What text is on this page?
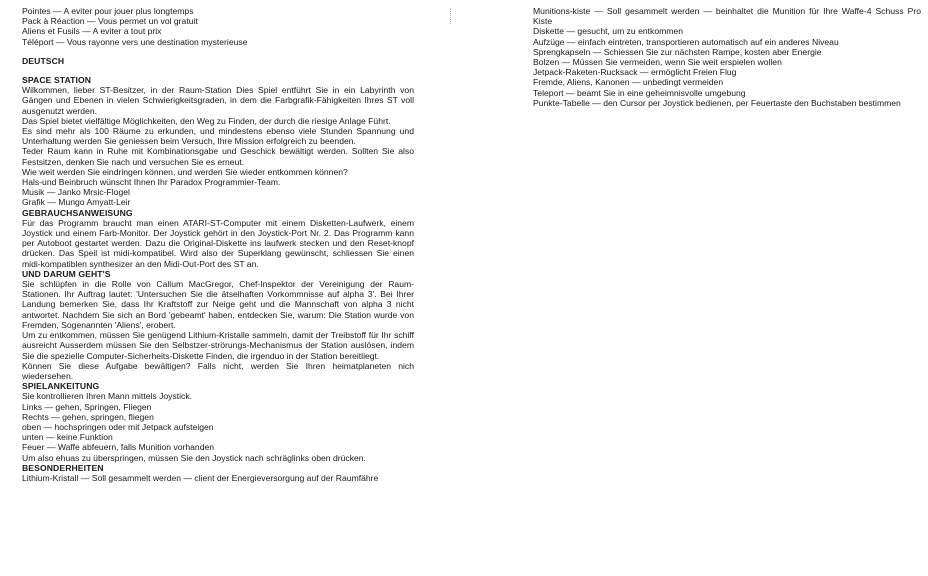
Pointes — A eviter pour jouer plus longtemps

Pack à Réaction — Vous permet un vol gratuit

Aliens et Fusils — A eviter a tout prix

Téléport — Vous rayonne vers une destination mysterieuse

DEUTSCH

SPACE STATION

Wilkommen, lieber ST-Besitzer, in der Raum-Station Dies Spiel entführt Sie in ein Labyrinth von Gängen und Ebenen in vielen Schwierigkeitsgraden, in dem die Farbgrafik-Fähigkeiten Ihres ST voll ausgenutzt werden.

Das Spiel bietet vielfältige Möglichkeiten, den Weg zu Finden, der durch die riesige Anlage Führt.

Es sind mehr als 100 Räume zu erkunden, und mindestens ebenso viele Stunden Spannung und Unterhaltung werden Sie geniessen beim Versuch, Ihre Mission erfolgreich zu beenden.

Teder Raum kann in Ruhe mit Kombinationsgabe und Geschick bewältigt werden. Sollten Sie also Festsitzen, denken Sie nach und versuchen Sie es erneut.

Wie weit werden Sie eindringen können, und werden Sie wieder entkommen können?

Hals-und Beinbruch wünscht Ihnen Ihr Paradox Programmier-Team.

Musik — Janko Mrsic-Flogel

Grafik — Mungo Amyatt-Leir

GEBRAUCHSANWEISUNG

Für das Programm braucht man einen ATARI-ST-Computer mit einem Disketten-Laufwerk, einem Joystick und einem Farb-Monitor. Der Joystick gehört in den Joystick-Port Nr. 2. Das Programm kann per Autoboot gestartet werden. Dazu die Original-Diskette ins laufwerk stecken und den Reset-knopf drücken. Das Speil ist midi-kompatibel. Wird also der Superklang gewünscht, schliessen Sie einen midi-kompatiblen synthesizer an den Midi-Out-Port des ST an.

UND DARUM GEHT'S

Sie schlüpfen in die Rolle von Callum MacGregor, Chef-Inspektor der Vereinigung der Raum-Stationen. Ihr Auftrag lautet: 'Untersuchen Sie die ätselhaften Vorkommnisse auf alpha 3'. Bei Ihrer Landung bemerken Sie, dass Ihr Kraftstoff zur Neige geht und die Mannschaft von alpha 3 nicht antwortet. Nachdem Sie sich an Bord 'gebeamt' haben, entdecken Sie, warum: Die Station wurde von Fremden, Sogenannten 'Aliens', erobert.

Um zu entkommen, müssen Sie genügend Lithium-Kristalle sammeln, damit der Treibstoff für Ihr schiff ausreicht Ausserdem müssen Sie den Selbstzer-strörungs-Mechanismus der Station auslösen, indem Sie die spezielle Computer-Sicherheits-Diskette Finden, die irgenduo in der Station bereitliegt.

Können Sie diese Aufgabe bewältigen? Falls nicht, werden Sie Ihren heimatplaneten nich wiedersehen.

SPIELANKEITUNG

Sie kontrollieren Ihren Mann mittels Joystick.

Links — gehen, Springen, Fliegen

Rechts — gehen, springen, fliegen

oben — hochspringen oder mit Jetpack aufsteigen

unten — keine Funktion

Feuer — Waffe abfeuern, falls Munition vorhanden

Um also ehuas zu überspringen, müssen Sie den Joystick nach schräglinks oben drücken.

BESONDERHEITEN

Lithium-Kristall — Soll gesammelt werden — client der Energieversorgung auf der Raumfähre

Munitions-kiste — Soll gesammelt werden — beinhaltet die Munition für Ihre Waffe-4 Schuss Pro Kiste

Diskette — gesucht, um zu entkommen

Aufzüge — einfach eintreten, transportieren automatisch auf ein anderes Niveau

Sprengkapseln — Schiessen Sie zur nächsten Rampe, kosten aber Energie

Bolzen — Müssen Sie vermeiden, wenn Sie weit erspielen wollen

Jetpack-Raketen-Rucksack — ermöglicht Freien Flug

Fremde, Aliens, Kanonen — unbedingt vermeiden

Teleport — beamt Sie in eine geheimnisvolle umgebung

Punkte-Tabelle — den Cursor per Joystick bedienen, per Feuertaste den Buchstaben bestimmen
